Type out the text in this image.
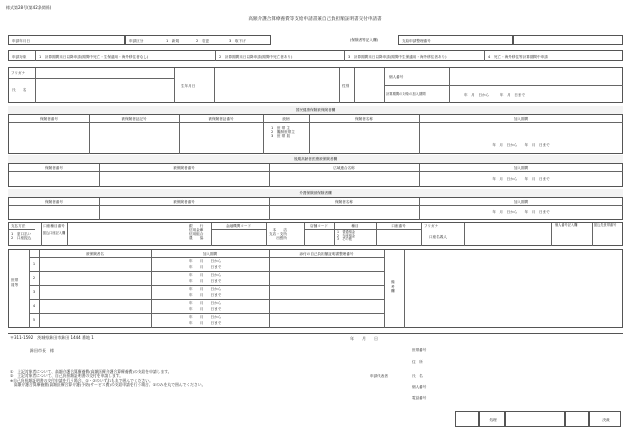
様式第28号(第42条関係)
高額介護合算療養費等支給申請書兼自己負担額証明書交付申請書
申請年月日	申請区分	1　新規	2　変更	3　取下げ	(保険者等記入欄)	支給申請整理番号
申請対象	1　計算期間末日以降申請(期間中死亡・生保適用・海外移住者なし)	2　計算期間末日以降申請(期間中死亡者あり)	3　計算期間末日以降申請(期間中生保適用・海外移住者あり)	4　死亡・海外移住等計算期間中申請
フリガナ
氏　　名
生年月日	性別
個人番号
計算期間の対象の加入期間	年　月　日から　　　年　月　日まで
国民健康保険被保険者欄
保険者番号	被保険者証記号	被保険者証番号	続柄	保険者名称	加入期間
1　世 帯 主
2　擬制世帯主
3　世 帯 員
年　月　日から　　年　月　日まで
後期高齢者医療被保険者欄
保険者番号	被保険者番号	広域連合名称	加入期間
年　月　日から　　年　月　日まで
介護保険被保険者欄
保険者番号	被保険者番号	保険者名称	加入期間
年　月　日から　　年　月　日まで
支払方法
1　窓口払い
2　口座振込
口座種目番号
振込口座記入欄
銀　　行
信用金庫
信用組合
農　　協
金融機関コード
本　　店
支店・支所
出張所
店舗コード	種目
1　普通預金
2　当座預金
3　その他
口座番号	フリガナ
口座名義人
個人番号記入欄	振込先世帯番号
世帯員等
被保険者名	加入期間	添付の自己負担額証明書整理番号
備考欄
1
年　　月　　日から
年　　月　　日まで
2
年　　月　　日から
年　　月　　日まで
3
年　　月　　日から
年　　月　　日まで
4
年　　月　　日から
年　　月　　日まで
5
年　　月　　日から
年　　月　　日まで
〒311-1592　茨城県鉾田市鉾田 1444 番地 1
鉾田市長　様
年　　月　　日
世帯番号
住　所
①　上記対象者について、高額介護合算療養費(高額医療介護合算療養費)の支給を申請します。
②　上記対象者について、自己負担額証明書の交付を申請します。
※自己負担額証明書の交付申請を行う場合、①・②のいずれも丸で囲んでください。
　高額介護合算療養費(高額医療合算介護(予防)サービス費)の支給申請を行う場合、①のみを丸で囲んでください。
申請代表者	氏　名
個人番号
電話番号
処理	決裁
